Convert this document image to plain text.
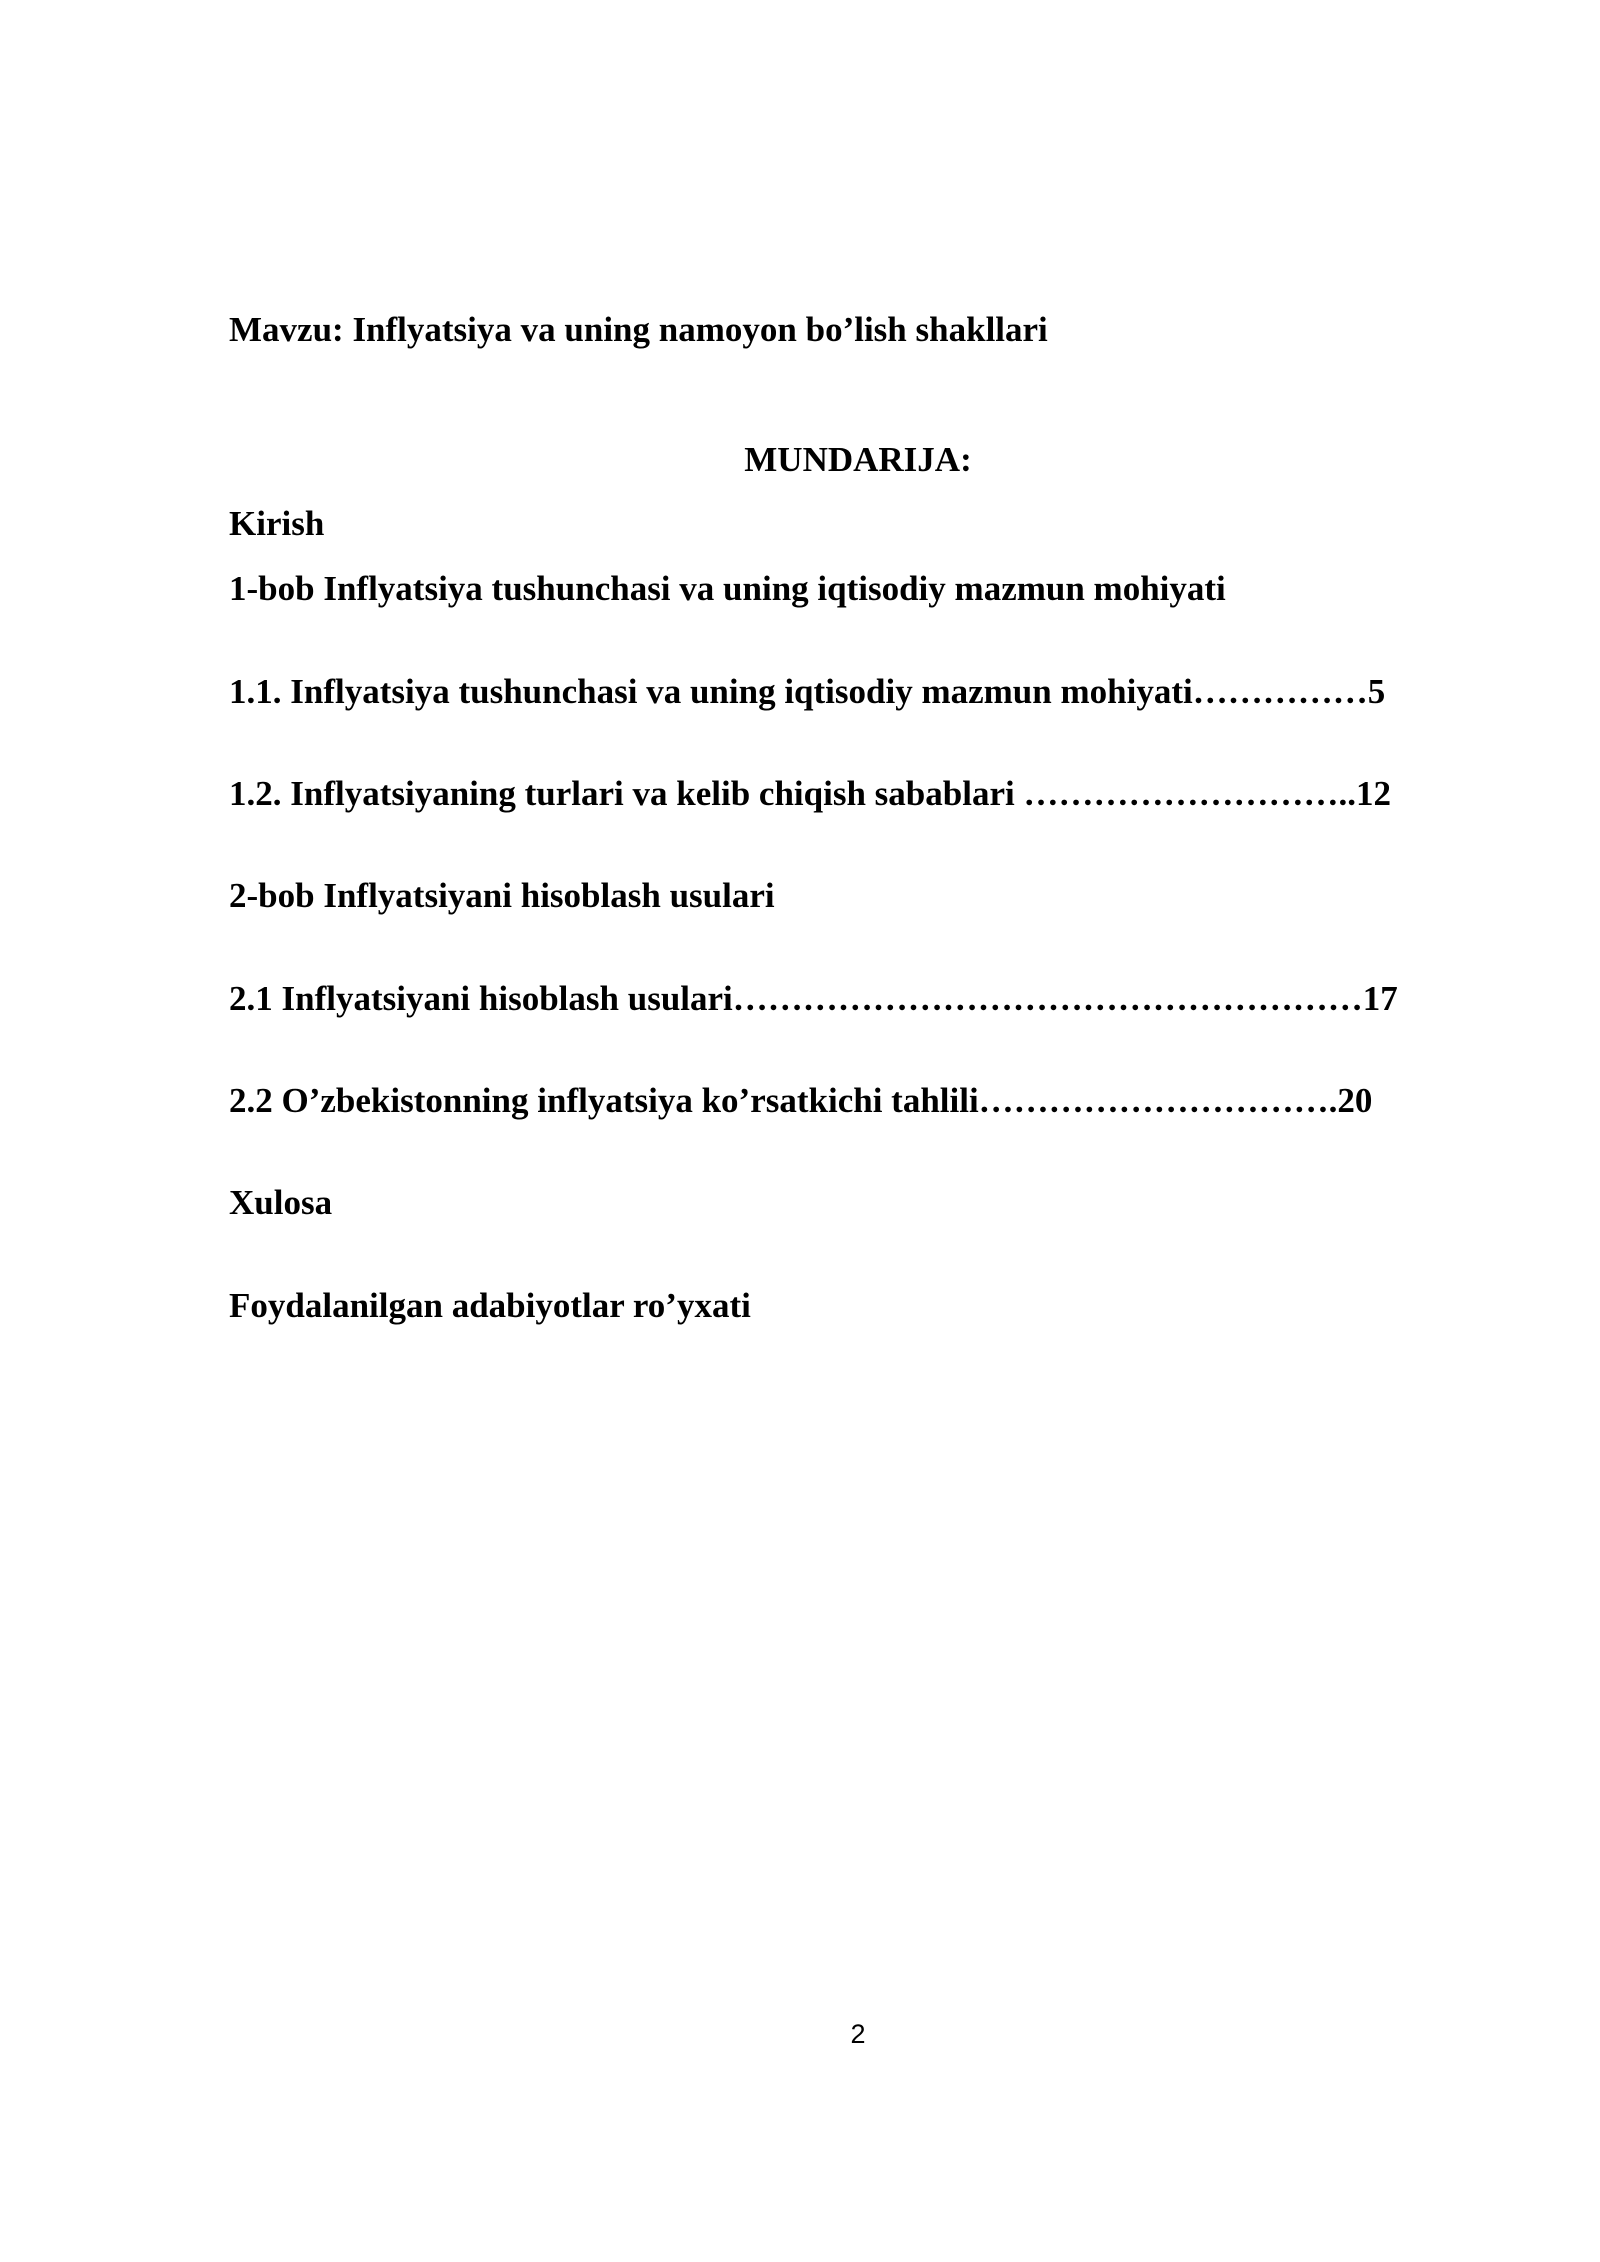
Mavzu: Inflyatsiya va uning namoyon bo’lish shakllari
MUNDARIJA:
Kirish
1-bob Inflyatsiya tushunchasi va uning iqtisodiy mazmun mohiyati
1.1. Inflyatsiya tushunchasi va uning iqtisodiy mazmun mohiyati……………5
1.2. Inflyatsiyaning turlari va kelib chiqish sabablari ………………………..12
2-bob Inflyatsiyani hisoblash usulari
2.1 Inflyatsiyani hisoblash usulari………………………………………………17
2.2 O’zbekistonning inflyatsiya ko’rsatkichi tahlili………………………….20
Xulosa
Foydalanilgan adabiyotlar ro’yxati
2
